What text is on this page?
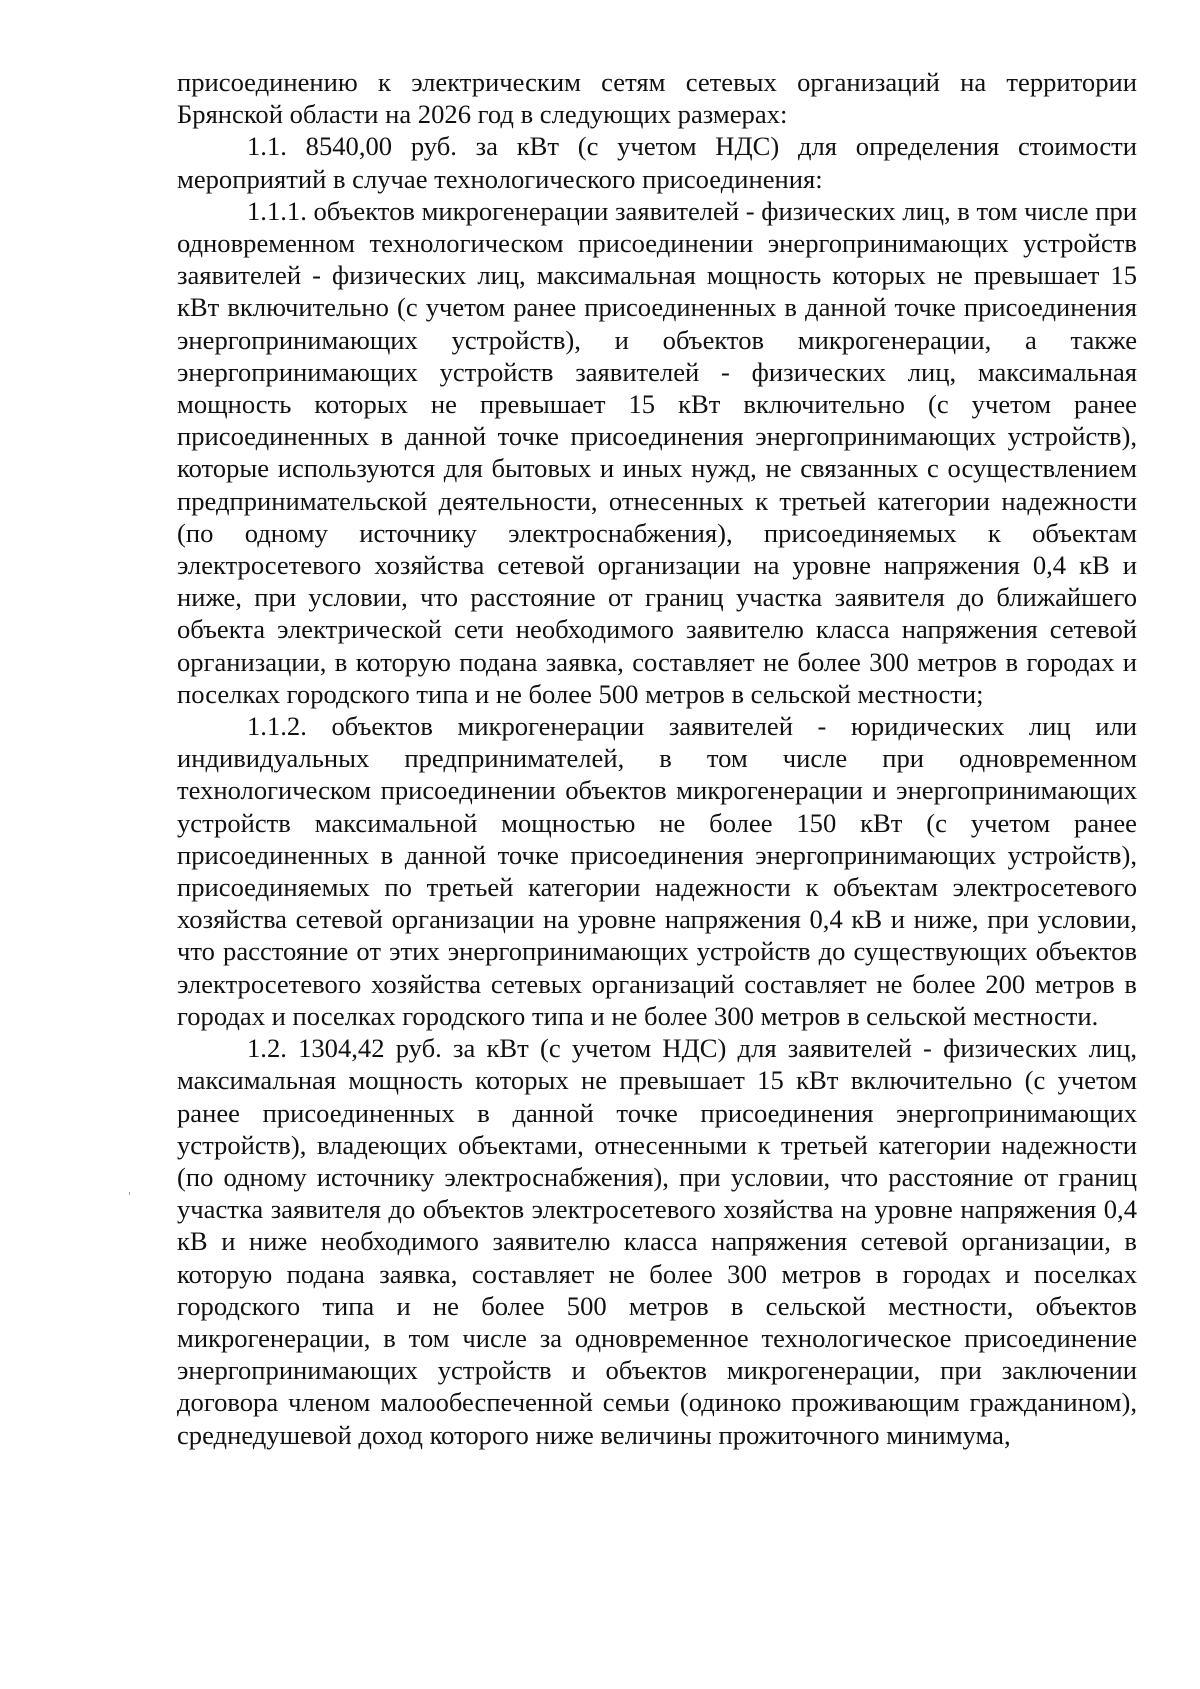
присоединению к электрическим сетям сетевых организаций на территории Брянской области на 2026 год в следующих размерах:

1.1. 8540,00 руб. за кВт (с учетом НДС) для определения стоимости мероприятий в случае технологического присоединения:

1.1.1. объектов микрогенерации заявителей - физических лиц, в том числе при одновременном технологическом присоединении энергопринимающих устройств заявителей - физических лиц, максимальная мощность которых не превышает 15 кВт включительно (с учетом ранее присоединенных в данной точке присоединения энергопринимающих устройств), и объектов микрогенерации, а также энергопринимающих устройств заявителей - физических лиц, максимальная мощность которых не превышает 15 кВт включительно (с учетом ранее присоединенных в данной точке присоединения энергопринимающих устройств), которые используются для бытовых и иных нужд, не связанных с осуществлением предпринимательской деятельности, отнесенных к третьей категории надежности (по одному источнику электроснабжения), присоединяемых к объектам электросетевого хозяйства сетевой организации на уровне напряжения 0,4 кВ и ниже, при условии, что расстояние от границ участка заявителя до ближайшего объекта электрической сети необходимого заявителю класса напряжения сетевой организации, в которую подана заявка, составляет не более 300 метров в городах и поселках городского типа и не более 500 метров в сельской местности;

1.1.2. объектов микрогенерации заявителей - юридических лиц или индивидуальных предпринимателей, в том числе при одновременном технологическом присоединении объектов микрогенерации и энергопринимающих устройств максимальной мощностью не более 150 кВт (с учетом ранее присоединенных в данной точке присоединения энергопринимающих устройств), присоединяемых по третьей категории надежности к объектам электросетевого хозяйства сетевой организации на уровне напряжения 0,4 кВ и ниже, при условии, что расстояние от этих энергопринимающих устройств до существующих объектов электросетевого хозяйства сетевых организаций составляет не более 200 метров в городах и поселках городского типа и не более 300 метров в сельской местности.

1.2. 1304,42 руб. за кВт (с учетом НДС) для заявителей - физических лиц, максимальная мощность которых не превышает 15 кВт включительно (с учетом ранее присоединенных в данной точке присоединения энергопринимающих устройств), владеющих объектами, отнесенными к третьей категории надежности (по одному источнику электроснабжения), при условии, что расстояние от границ участка заявителя до объектов электросетевого хозяйства на уровне напряжения 0,4 кВ и ниже необходимого заявителю класса напряжения сетевой организации, в которую подана заявка, составляет не более 300 метров в городах и поселках городского типа и не более 500 метров в сельской местности, объектов микрогенерации, в том числе за одновременное технологическое присоединение энергопринимающих устройств и объектов микрогенерации, при заключении договора членом малообеспеченной семьи (одиноко проживающим гражданином), среднедушевой доход которого ниже величины прожиточного минимума,
